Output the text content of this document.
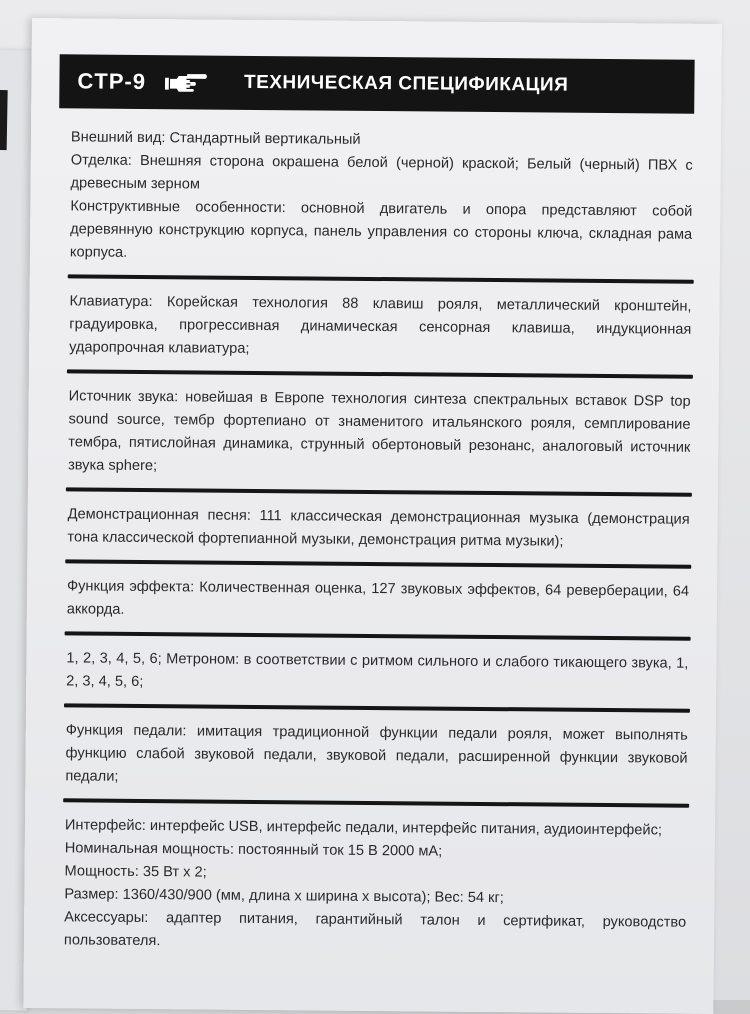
CTP-9	ТЕХНИЧЕСКАЯ СПЕЦИФИКАЦИЯ

Внешний вид: Стандартный вертикальный

Отделка: Внешняя сторона окрашена белой (черной) краской; Белый (черный) ПВХ с древесным зерном

Конструктивные особенности: основной двигатель и опора представляют собой деревянную конструкцию корпуса, панель управления со стороны ключа, складная рама корпуса.

Клавиатура: Корейская технология 88 клавиш рояля, металлический кронштейн, градуировка, прогрессивная динамическая сенсорная клавиша, индукционная ударопрочная клавиатура;

Источник звука: новейшая в Европе технология синтеза спектральных вставок DSP top sound source, тембр фортепиано от знаменитого итальянского рояля, семплирование тембра, пятислойная динамика, струнный обертоновый резонанс, аналоговый источник звука sphere;

Демонстрационная песня: 111 классическая демонстрационная музыка (демонстрация тона классической фортепианной музыки, демонстрация ритма музыки);

Функция эффекта: Количественная оценка, 127 звуковых эффектов, 64 реверберации, 64 аккорда.

1, 2, 3, 4, 5, 6; Метроном: в соответствии с ритмом сильного и слабого тикающего звука, 1, 2, 3, 4, 5, 6;

Функция педали: имитация традиционной функции педали рояля, может выполнять функцию слабой звуковой педали, звуковой педали, расширенной функции звуковой педали;

Интерфейс: интерфейс USB, интерфейс педали, интерфейс питания, аудиоинтерфейс;

Номинальная мощность: постоянный ток 15 В 2000 мА;

Мощность: 35 Вт х 2;

Размер: 1360/430/900 (мм, длина х ширина х высота); Вес: 54 кг;

Аксессуары: адаптер питания, гарантийный талон и сертификат, руководство пользователя.
